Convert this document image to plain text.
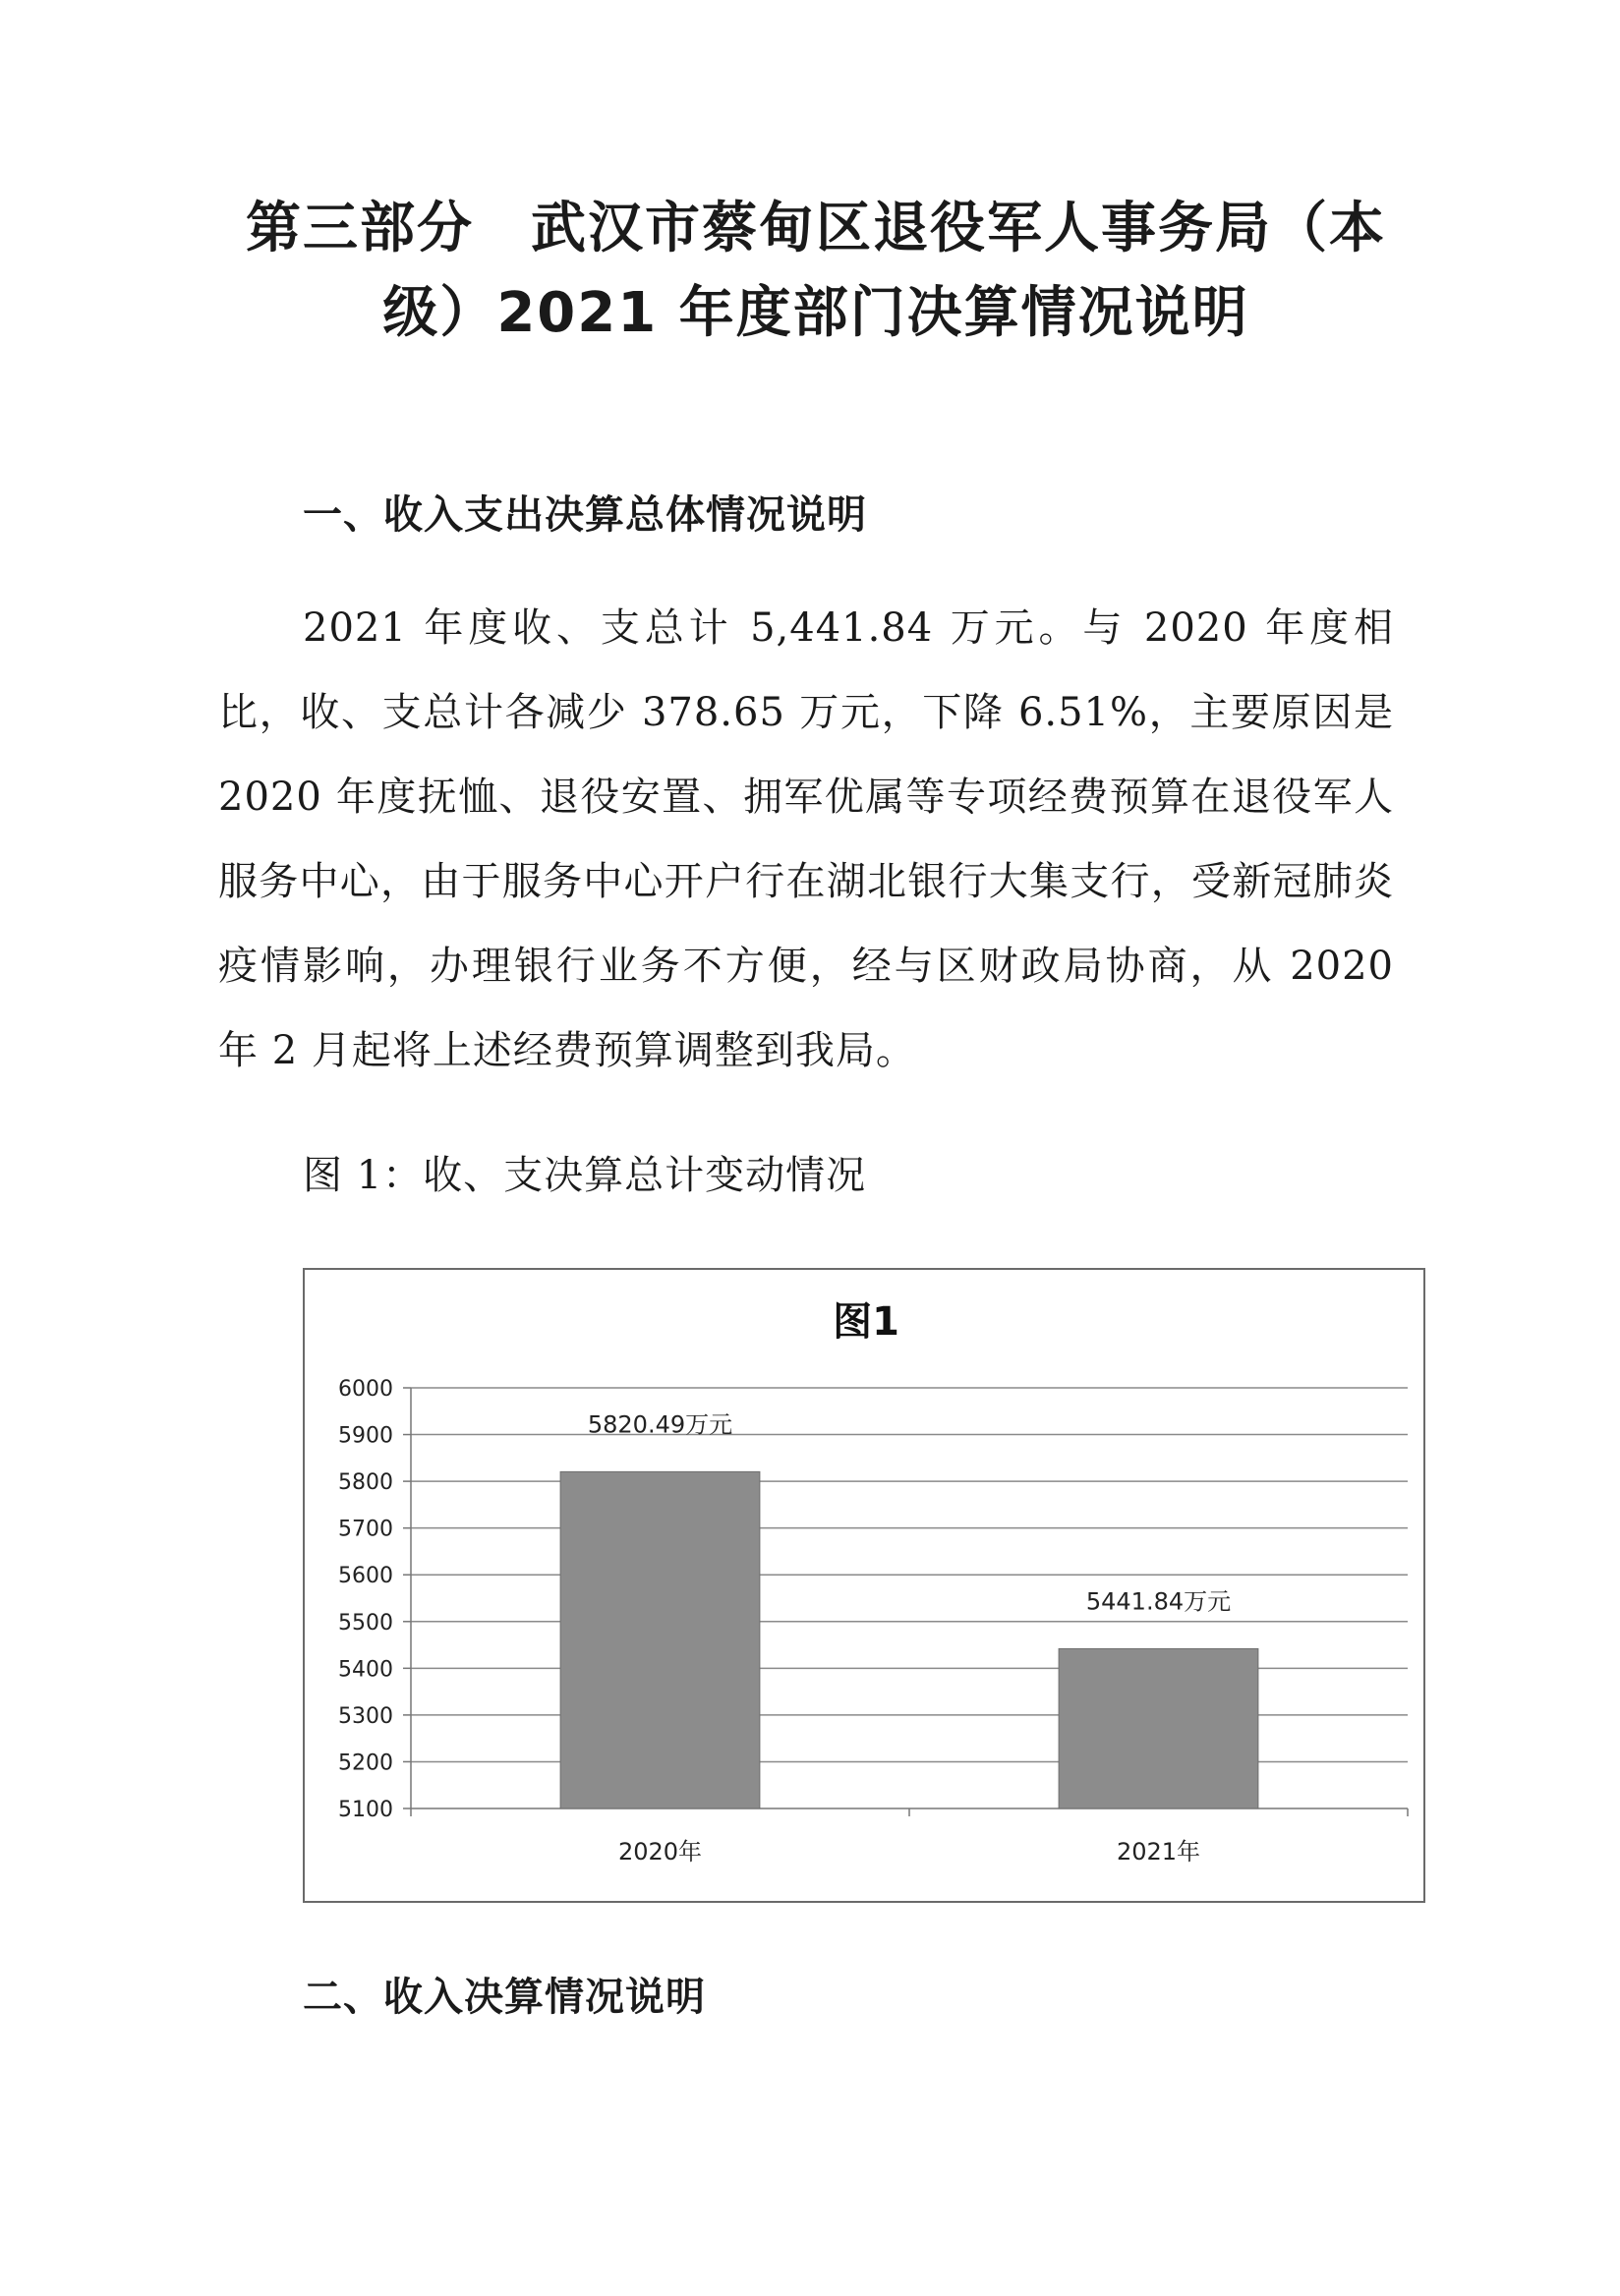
第三部分　武汉市蔡甸区退役军人事务局（本
级）2021 年度部门决算情况说明
一、收入支出决算总体情况说明

2021 年度收、支总计 5,441.84 万元。与 2020 年度相比，收、支总计各减少 378.65 万元，下降 6.51%，主要原因是 2020 年度抚恤、退役安置、拥军优属等专项经费预算在退役军人服务中心，由于服务中心开户行在湖北银行大集支行，受新冠肺炎疫情影响，办理银行业务不方便，经与区财政局协商，从 2020 年 2 月起将上述经费预算调整到我局。

图 1：收、支决算总计变动情况
图1
6000
5900
5800
5700
5600
5500
5400
5300
5200
5100
2020年	2021年
5820.49万元
5441.84万元
二、收入决算情况说明
